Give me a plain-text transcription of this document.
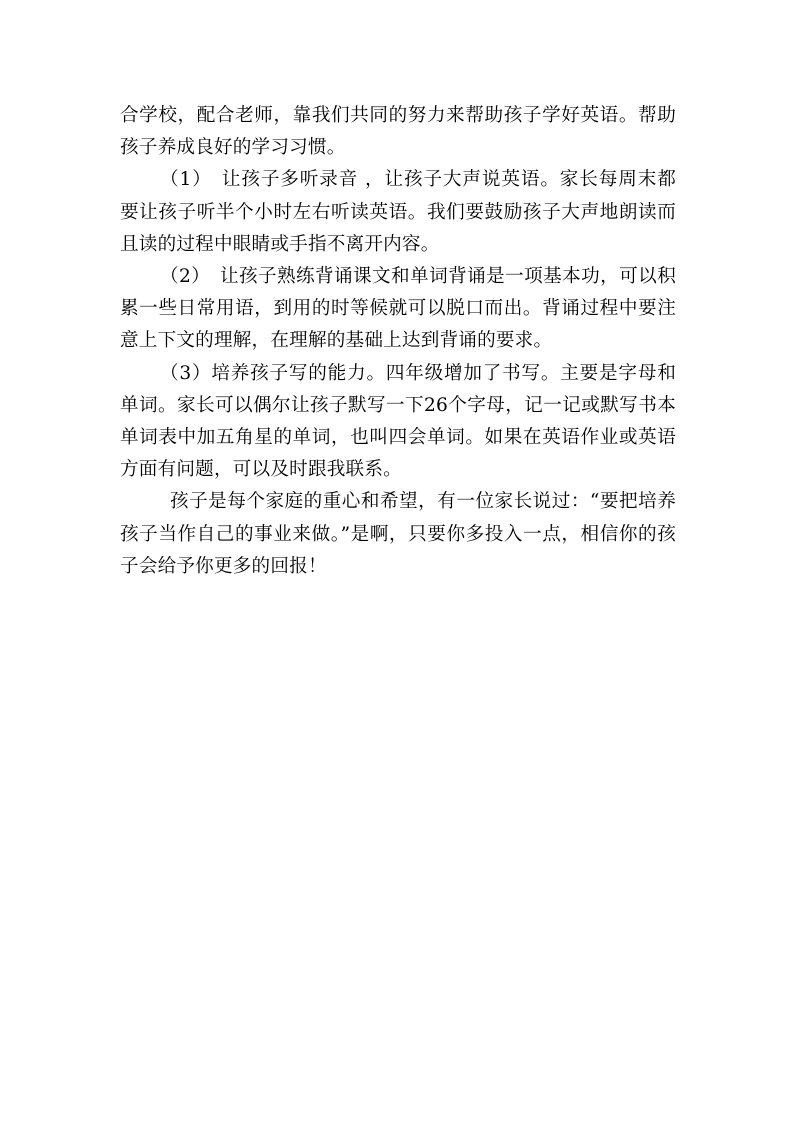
合学校，配合老师，靠我们共同的努力来帮助孩子学好英语。帮助孩子养成良好的学习习惯。

（1）　让孩子多听录音 ，让孩子大声说英语。家长每周末都要让孩子听半个小时左右听读英语。我们要鼓励孩子大声地朗读而且读的过程中眼睛或手指不离开内容。

（2）　让孩子熟练背诵课文和单词背诵是一项基本功，可以积累一些日常用语，到用的时等候就可以脱口而出。背诵过程中要注意上下文的理解，在理解的基础上达到背诵的要求。

（3）培养孩子写的能力。四年级增加了书写。主要是字母和单词。家长可以偶尔让孩子默写一下26个字母，记一记或默写书本单词表中加五角星的单词，也叫四会单词。如果在英语作业或英语方面有问题，可以及时跟我联系。

孩子是每个家庭的重心和希望，有一位家长说过：“要把培养孩子当作自己的事业来做。”是啊，只要你多投入一点，相信你的孩子会给予你更多的回报！
